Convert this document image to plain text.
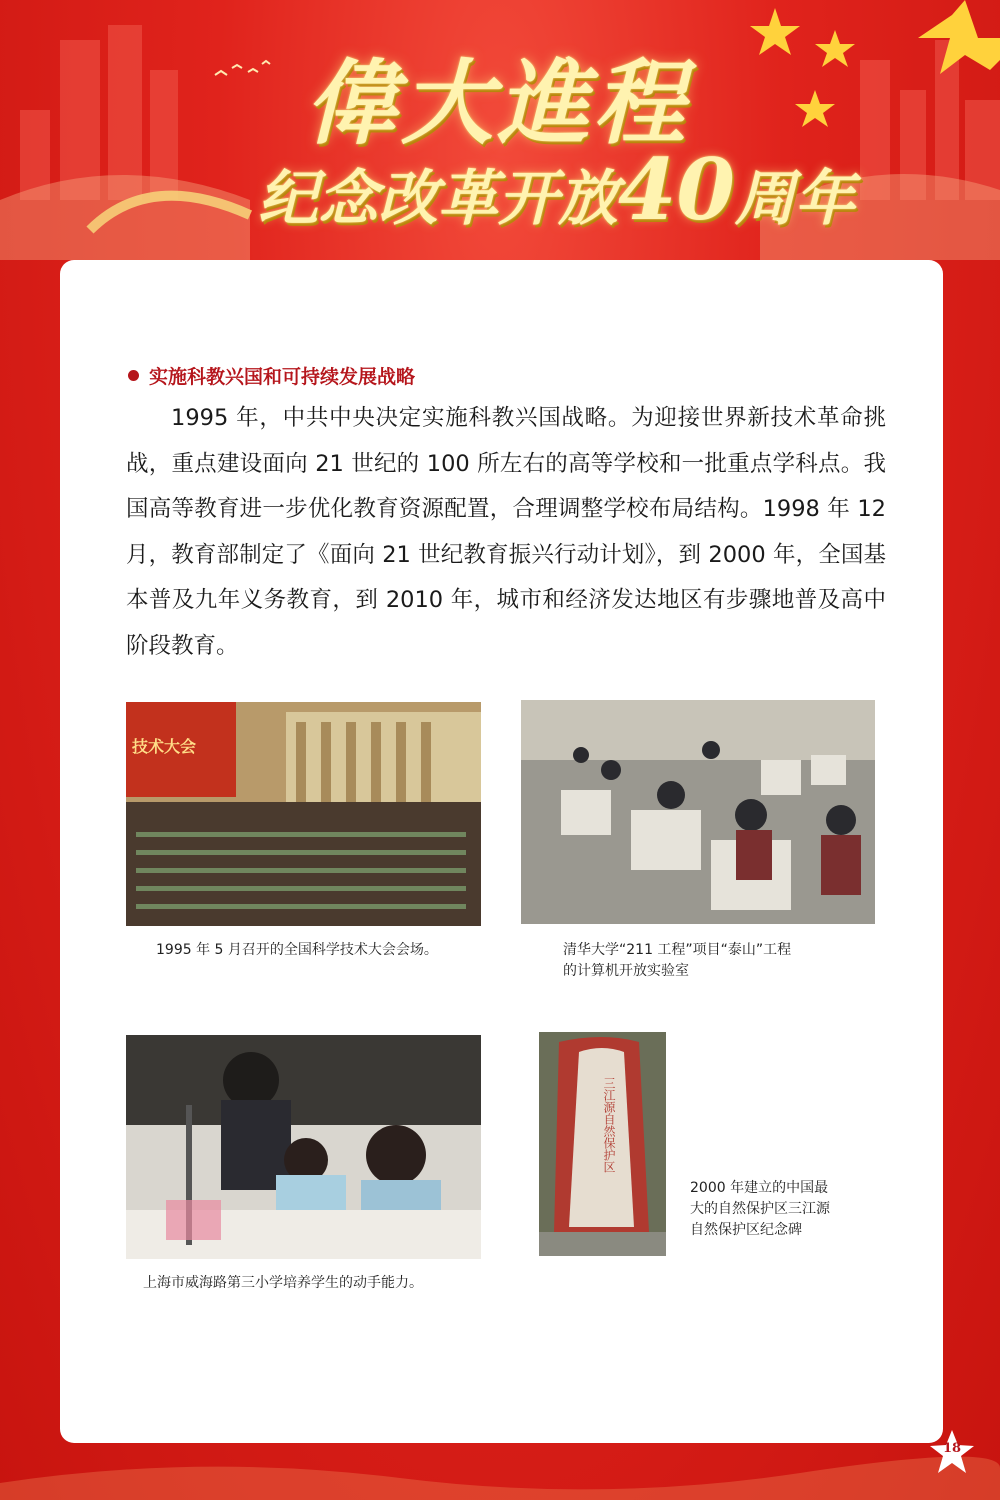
偉大進程
纪念改革开放40周年
实施科教兴国和可持续发展战略

1995 年，中共中央决定实施科教兴国战略。为迎接世界新技术革命挑战，重点建设面向 21 世纪的 100 所左右的高等学校和一批重点学科点。我国高等教育进一步优化教育资源配置，合理调整学校布局结构。1998 年 12 月，教育部制定了《面向 21 世纪教育振兴行动计划》，到 2000 年，全国基本普及九年义务教育，到 2010 年，城市和经济发达地区有步骤地普及高中阶段教育。

技术大会

1995 年 5 月召开的全国科学技术大会会场。	清华大学“211 工程”项目“泰山”工程
的计算机开放实验室

上海市威海路第三小学培养学生的动手能力。

三江源自然保护区

2000 年建立的中国最
大的自然保护区三江源
自然保护区纪念碑

18
